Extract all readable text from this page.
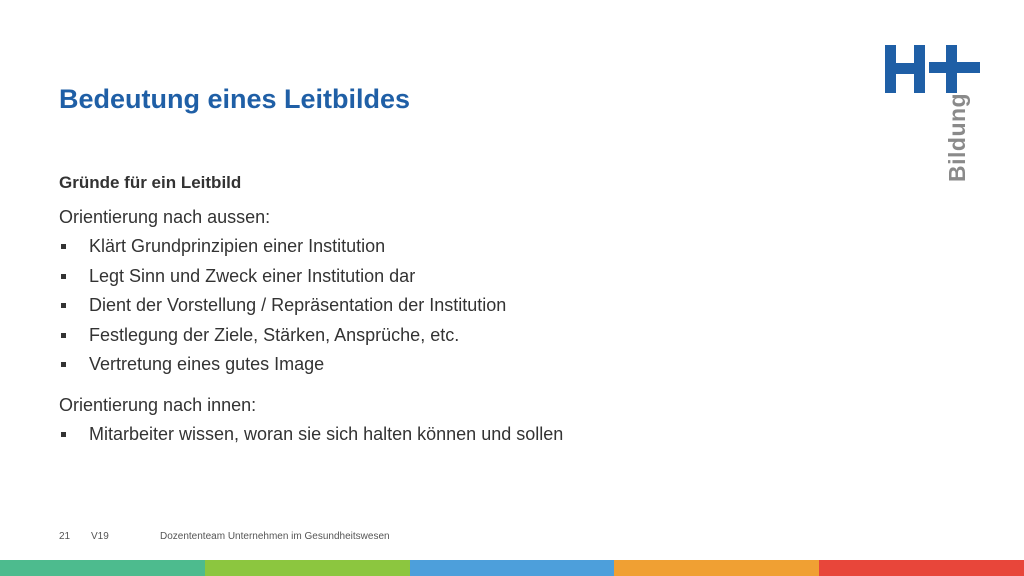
Bedeutung eines Leitbildes	Bildung
Gründe für ein Leitbild
Orientierung nach aussen:
Klärt Grundprinzipien einer Institution
Legt Sinn und Zweck einer Institution dar
Dient der Vorstellung / Repräsentation der Institution
Festlegung der Ziele, Stärken, Ansprüche, etc.
Vertretung eines gutes Image
Orientierung nach innen:
Mitarbeiter wissen, woran sie sich halten können und sollen
21 V19	Dozententeam Unternehmen im Gesundheitswesen
